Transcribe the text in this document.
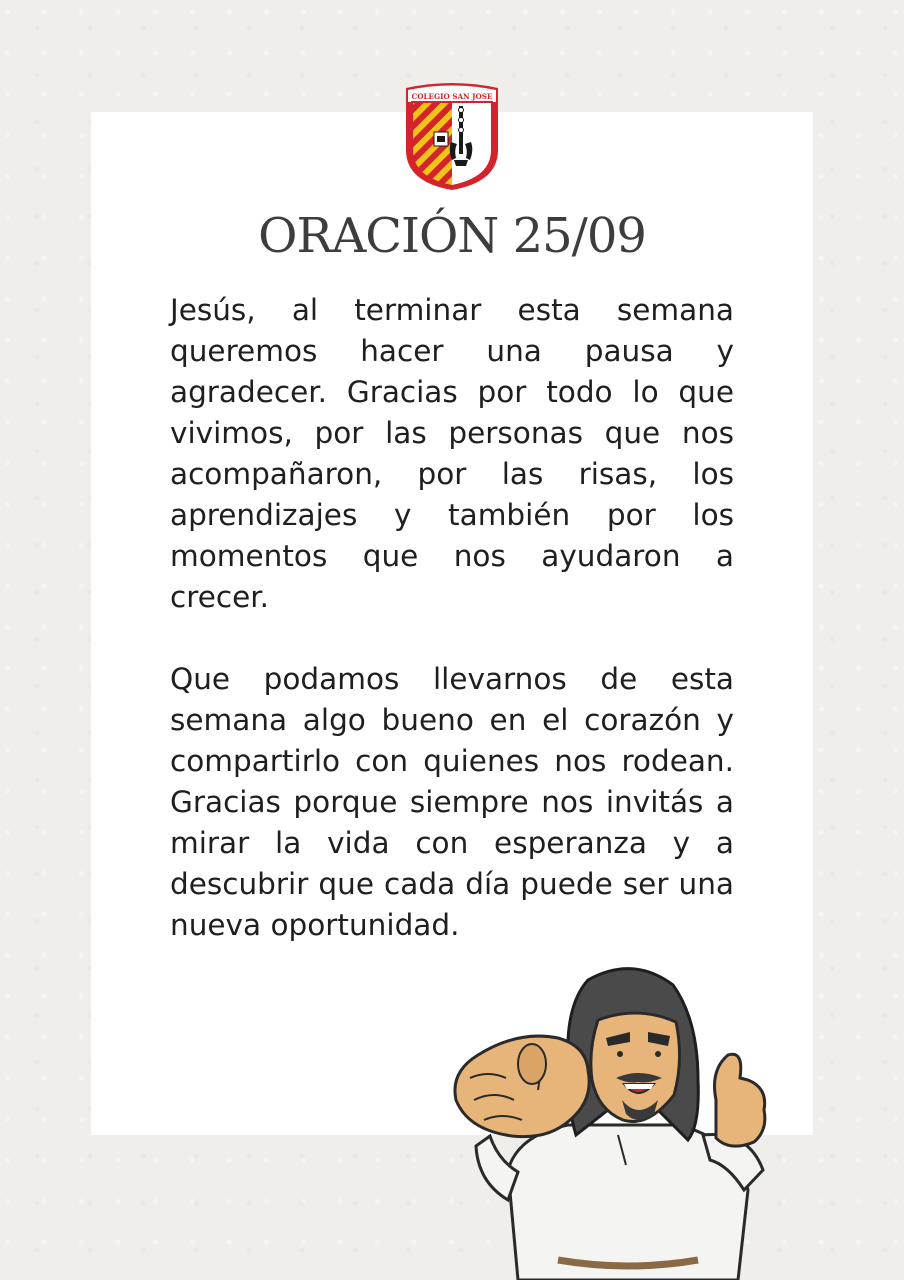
COLEGIO SAN JOSE
ORACIÓN 25/09

Jesús, al terminar esta semana queremos hacer una pausa y agradecer. Gracias por todo lo que vivimos, por las personas que nos acompañaron, por las risas, los aprendizajes y también por los momentos que nos ayudaron a crecer.

Que podamos llevarnos de esta semana algo bueno en el corazón y compartirlo con quienes nos rodean. Gracias porque siempre nos invitás a mirar la vida con esperanza y a descubrir que cada día puede ser una nueva oportunidad.
